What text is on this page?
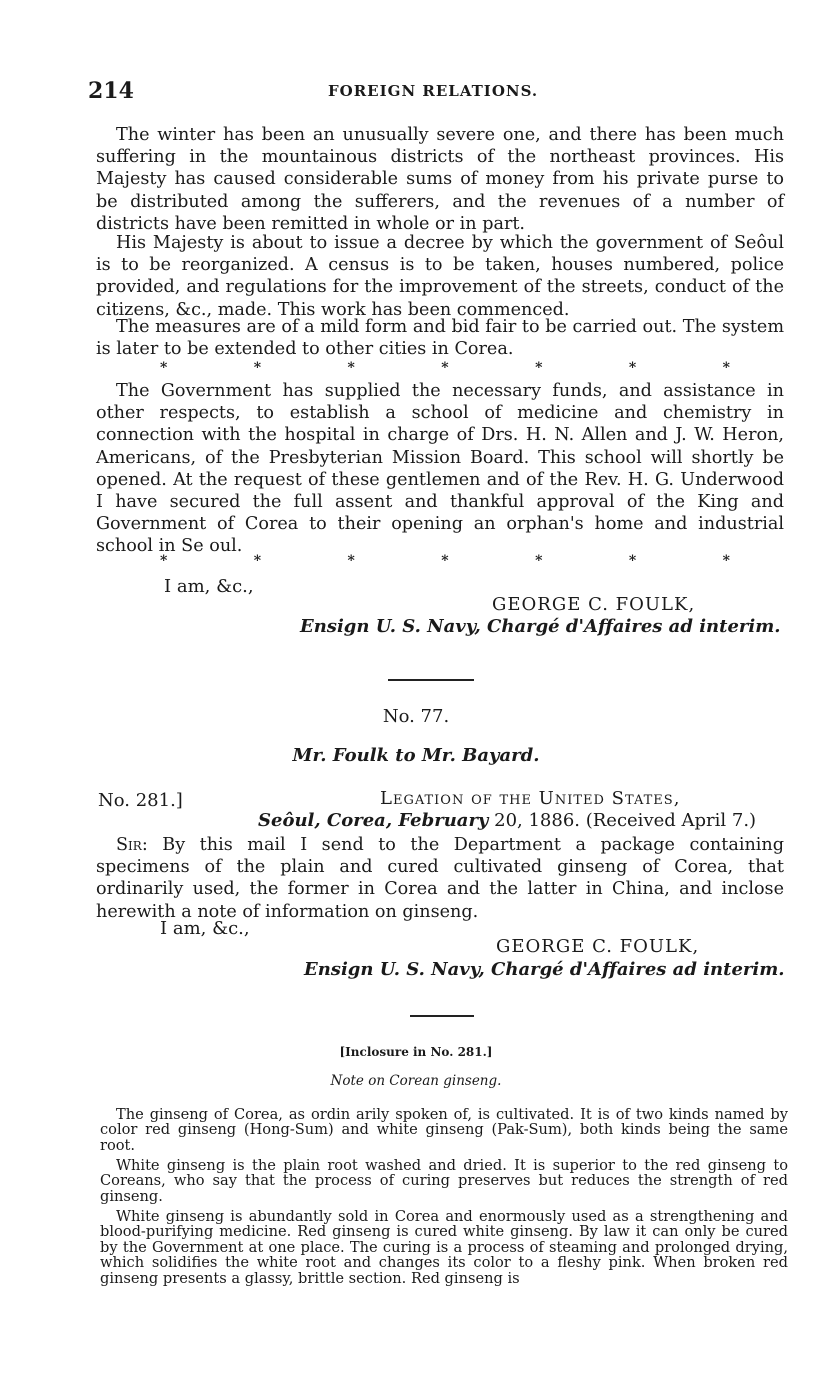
214	FOREIGN RELATIONS.

The winter has been an unusually severe one, and there has been much suffering in the mountainous districts of the northeast provinces. His Majesty has caused considerable sums of money from his private purse to be distributed among the sufferers, and the revenues of a number of districts have been remitted in whole or in part.

His Majesty is about to issue a decree by which the government of Seôul is to be reorganized. A census is to be taken, houses numbered, police provided, and regulations for the improvement of the streets, conduct of the citizens, &c., made. This work has been commenced.

The measures are of a mild form and bid fair to be carried out. The system is later to be extended to other cities in Corea.

*	*	*	*	*	*	*

The Government has supplied the necessary funds, and assistance in other respects, to establish a school of medicine and chemistry in connection with the hospital in charge of Drs. H. N. Allen and J. W. Heron, Americans, of the Presbyterian Mission Board. This school will shortly be opened. At the request of these gentlemen and of the Rev. H. G. Underwood I have secured the full assent and thankful approval of the King and Government of Corea to their opening an orphan's home and industrial school in Se oul.

*	*	*	*	*	*	*
I am, &c.,
GEORGE C. FOULK,
Ensign U. S. Navy, Chargé d'Affaires ad interim.
No. 77.
Mr. Foulk to Mr. Bayard.
No. 281.]	Legation of the United States,
Seôul, Corea, February 20, 1886. (Received April 7.)

Sir: By this mail I send to the Department a package containing specimens of the plain and cured cultivated ginseng of Corea, that ordinarily used, the former in Corea and the latter in China, and inclose herewith a note of information on ginseng.

I am, &c.,
GEORGE C. FOULK,
Ensign U. S. Navy, Chargé d'Affaires ad interim.
[Inclosure in No. 281.]
Note on Corean ginseng.

The ginseng of Corea, as ordin arily spoken of, is cultivated. It is of two kinds named by color red ginseng (Hong-Sum) and white ginseng (Pak-Sum), both kinds being the same root.

White ginseng is the plain root washed and dried. It is superior to the red ginseng to Coreans, who say that the process of curing preserves but reduces the strength of red ginseng.

White ginseng is abundantly sold in Corea and enormously used as a strengthening and blood-purifying medicine. Red ginseng is cured white ginseng. By law it can only be cured by the Government at one place. The curing is a process of steaming and prolonged drying, which solidifies the white root and changes its color to a fleshy pink. When broken red ginseng presents a glassy, brittle section. Red ginseng is
